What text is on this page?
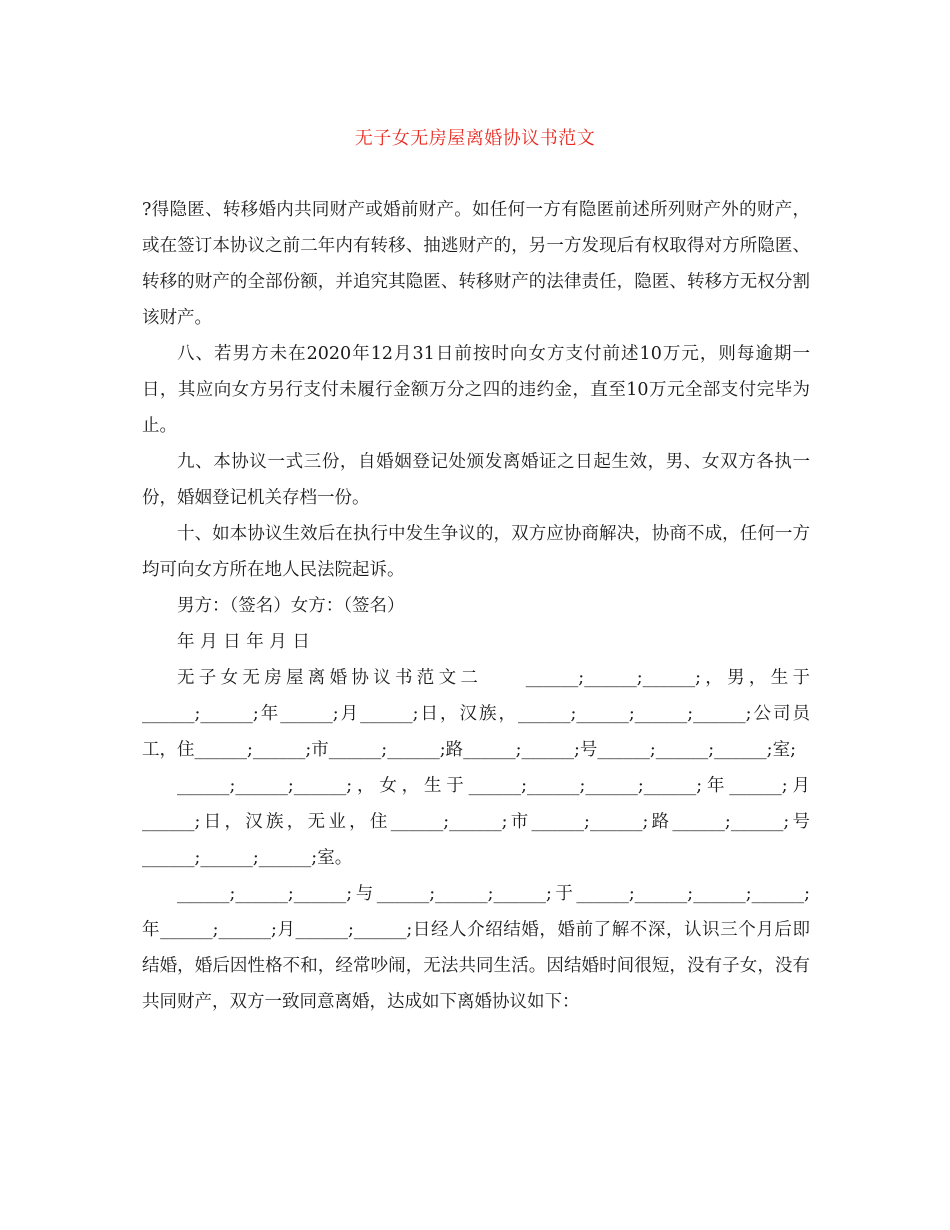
无子女无房屋离婚协议书范文

?得隐匿、转移婚内共同财产或婚前财产。如任何一方有隐匿前述所列财产外的财产，或在签订本协议之前二年内有转移、抽逃财产的，另一方发现后有权取得对方所隐匿、转移的财产的全部份额，并追究其隐匿、转移财产的法律责任，隐匿、转移方无权分割该财产。

八、若男方未在2020年12月31日前按时向女方支付前述10万元，则每逾期一日，其应向女方另行支付未履行金额万分之四的违约金，直至10万元全部支付完毕为止。

九、本协议一式三份，自婚姻登记处颁发离婚证之日起生效，男、女双方各执一份，婚姻登记机关存档一份。

十、如本协议生效后在执行中发生争议的，双方应协商解决，协商不成，任何一方均可向女方所在地人民法院起诉。

男方：（签名）女方：（签名）

年 月 日 年 月 日

无子女无房屋离婚协议书范文二　　______;______;______;，男，生于______;______;年______;月______;日，汉族，______;______;______;______;公司员工，住______;______;市______;______;路______;______;号______;______;______;室;

______;______;______;，女，生于______;______;______;______;年______;月______;日，汉族，无业，住______;______;市______;______;路______;______;号______;______;______;室。

______;______;______;与______;______;______;于______;______;______;______;年______;______;月______;______;日经人介绍结婚，婚前了解不深，认识三个月后即结婚，婚后因性格不和，经常吵闹，无法共同生活。因结婚时间很短，没有子女，没有共同财产，双方一致同意离婚，达成如下离婚协议如下：
